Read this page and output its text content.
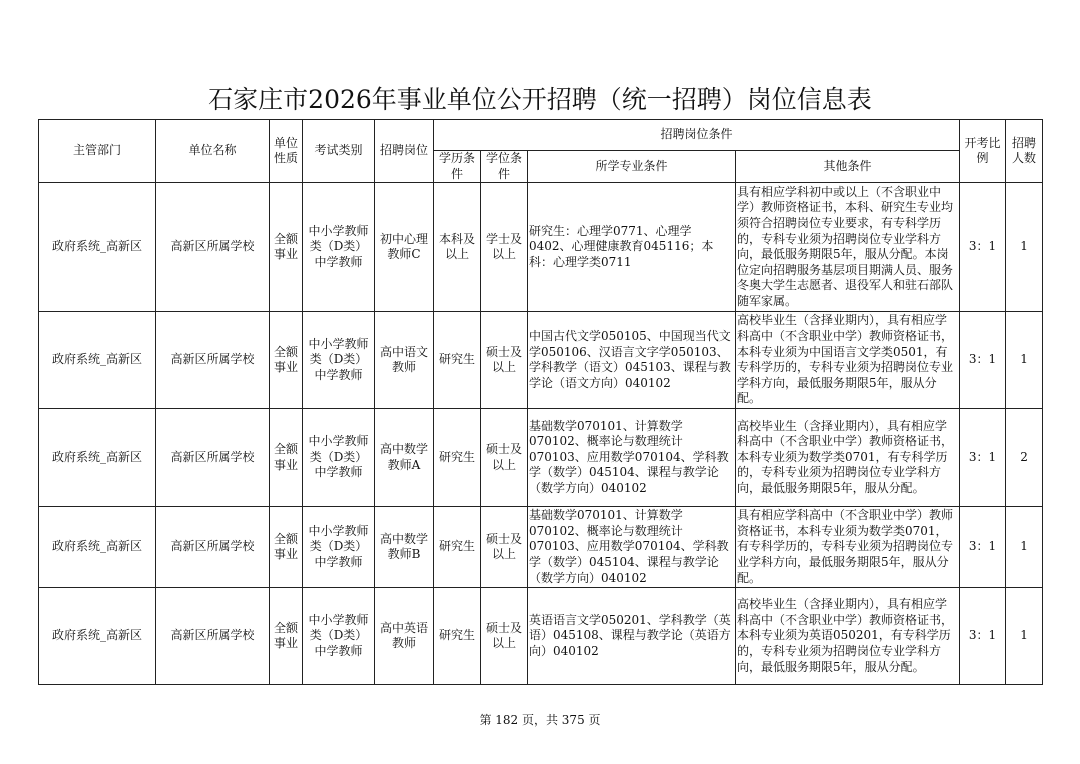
石家庄市2026年事业单位公开招聘（统一招聘）岗位信息表
主管部门	单位名称	单位性质	考试类别	招聘岗位	招聘岗位条件				开考比例	招聘人数
					学历条件	学位条件	所学专业条件	其他条件		
政府系统_高新区	高新区所属学校	全额事业	中小学教师类（D类）中学教师	初中心理教师C	本科及以上	学士及以上	研究生：心理学0771、心理学0402、心理健康教育045116；本科：心理学类0711	具有相应学科初中或以上（不含职业中学）教师资格证书，本科、研究生专业均须符合招聘岗位专业要求，有专科学历的，专科专业须为招聘岗位专业学科方向，最低服务期限5年，服从分配。本岗位定向招聘服务基层项目期满人员、服务冬奥大学生志愿者、退役军人和驻石部队随军家属。	3：1	1
政府系统_高新区	高新区所属学校	全额事业	中小学教师类（D类）中学教师	高中语文教师	研究生	硕士及以上	中国古代文学050105、中国现当代文学050106、汉语言文字学050103、学科教学（语文）045103、课程与教学论（语文方向）040102	高校毕业生（含择业期内），具有相应学科高中（不含职业中学）教师资格证书，本科专业须为中国语言文学类0501，有专科学历的，专科专业须为招聘岗位专业学科方向，最低服务期限5年，服从分配。	3：1	1
政府系统_高新区	高新区所属学校	全额事业	中小学教师类（D类）中学教师	高中数学教师A	研究生	硕士及以上	基础数学070101、计算数学070102、概率论与数理统计070103、应用数学070104、学科教学（数学）045104、课程与教学论（数学方向）040102	高校毕业生（含择业期内），具有相应学科高中（不含职业中学）教师资格证书，本科专业须为数学类0701，有专科学历的，专科专业须为招聘岗位专业学科方向，最低服务期限5年，服从分配。	3：1	2
政府系统_高新区	高新区所属学校	全额事业	中小学教师类（D类）中学教师	高中数学教师B	研究生	硕士及以上	基础数学070101、计算数学070102、概率论与数理统计070103、应用数学070104、学科教学（数学）045104、课程与教学论（数学方向）040102	具有相应学科高中（不含职业中学）教师资格证书，本科专业须为数学类0701，有专科学历的，专科专业须为招聘岗位专业学科方向，最低服务期限5年，服从分配。	3：1	1
政府系统_高新区	高新区所属学校	全额事业	中小学教师类（D类）中学教师	高中英语教师	研究生	硕士及以上	英语语言文学050201、学科教学（英语）045108、课程与教学论（英语方向）040102	高校毕业生（含择业期内），具有相应学科高中（不含职业中学）教师资格证书，本科专业须为英语050201，有专科学历的，专科专业须为招聘岗位专业学科方向，最低服务期限5年，服从分配。	3：1	1
第 182 页，共 375 页
